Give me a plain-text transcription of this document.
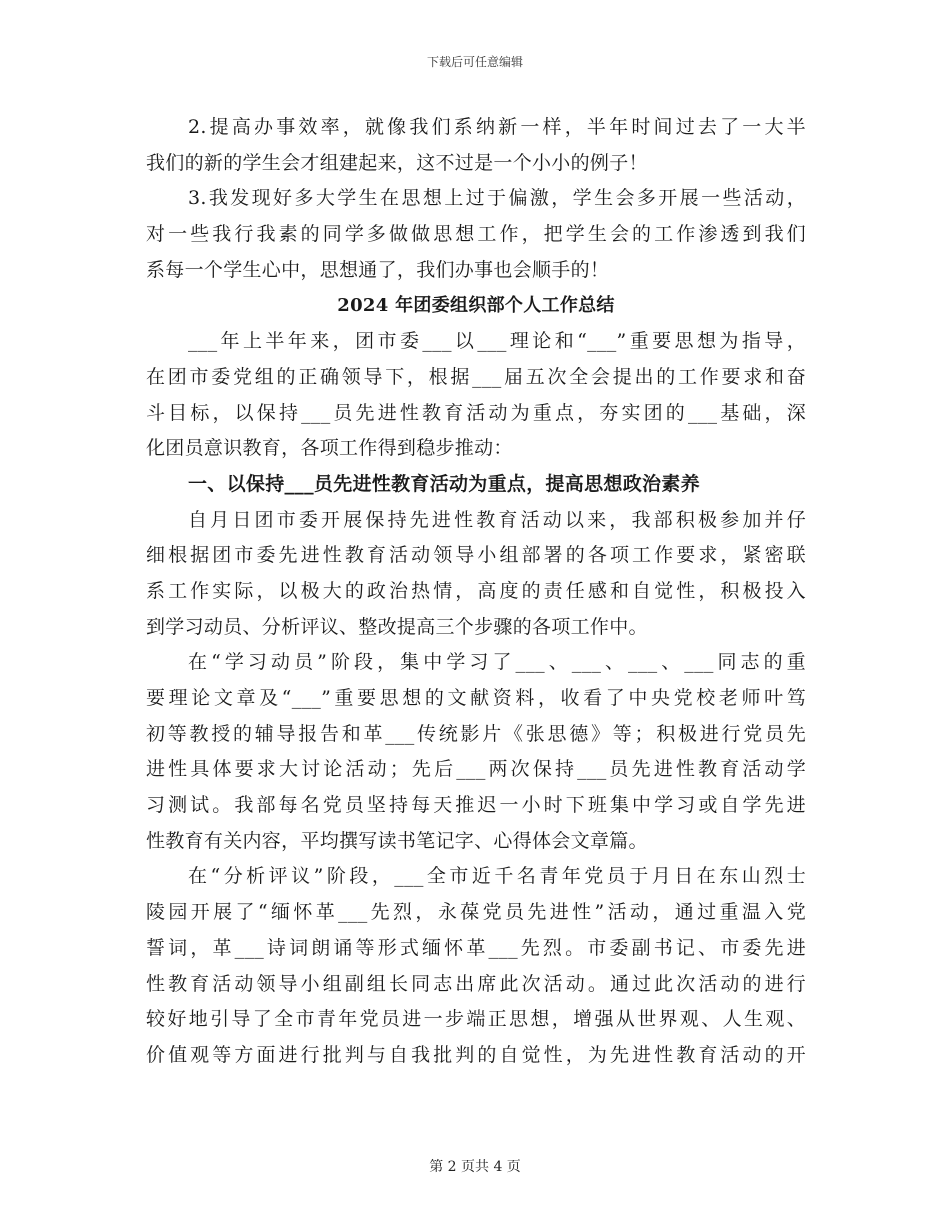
下载后可任意编辑
2.提高办事效率，就像我们系纳新一样，半年时间过去了一大半
我们的新的学生会才组建起来，这不过是一个小小的例子！
3.我发现好多大学生在思想上过于偏激，学生会多开展一些活动，
对一些我行我素的同学多做做思想工作，把学生会的工作渗透到我们
系每一个学生心中，思想通了，我们办事也会顺手的！
2024 年团委组织部个人工作总结
___年上半年来，团市委___以___理论和“___”重要思想为指导，
在团市委党组的正确领导下，根据___届五次全会提出的工作要求和奋
斗目标，以保持___员先进性教育活动为重点，夯实团的___基础，深
化团员意识教育，各项工作得到稳步推动：
一、以保持___员先进性教育活动为重点，提高思想政治素养
自月日团市委开展保持先进性教育活动以来，我部积极参加并仔
细根据团市委先进性教育活动领导小组部署的各项工作要求，紧密联
系工作实际，以极大的政治热情，高度的责任感和自觉性，积极投入
到学习动员、分析评议、整改提高三个步骤的各项工作中。
在“学习动员”阶段，集中学习了___、___、___、___同志的重
要理论文章及“___”重要思想的文献资料，收看了中央党校老师叶笃
初等教授的辅导报告和革___传统影片《张思德》等；积极进行党员先
进性具体要求大讨论活动；先后___两次保持___员先进性教育活动学
习测试。我部每名党员坚持每天推迟一小时下班集中学习或自学先进
性教育有关内容，平均撰写读书笔记字、心得体会文章篇。
在“分析评议”阶段，___全市近千名青年党员于月日在东山烈士
陵园开展了“缅怀革___先烈，永葆党员先进性”活动，通过重温入党
誓词，革___诗词朗诵等形式缅怀革___先烈。市委副书记、市委先进
性教育活动领导小组副组长同志出席此次活动。通过此次活动的进行
较好地引导了全市青年党员进一步端正思想，增强从世界观、人生观、
价值观等方面进行批判与自我批判的自觉性，为先进性教育活动的开
第 2 页共 4 页
